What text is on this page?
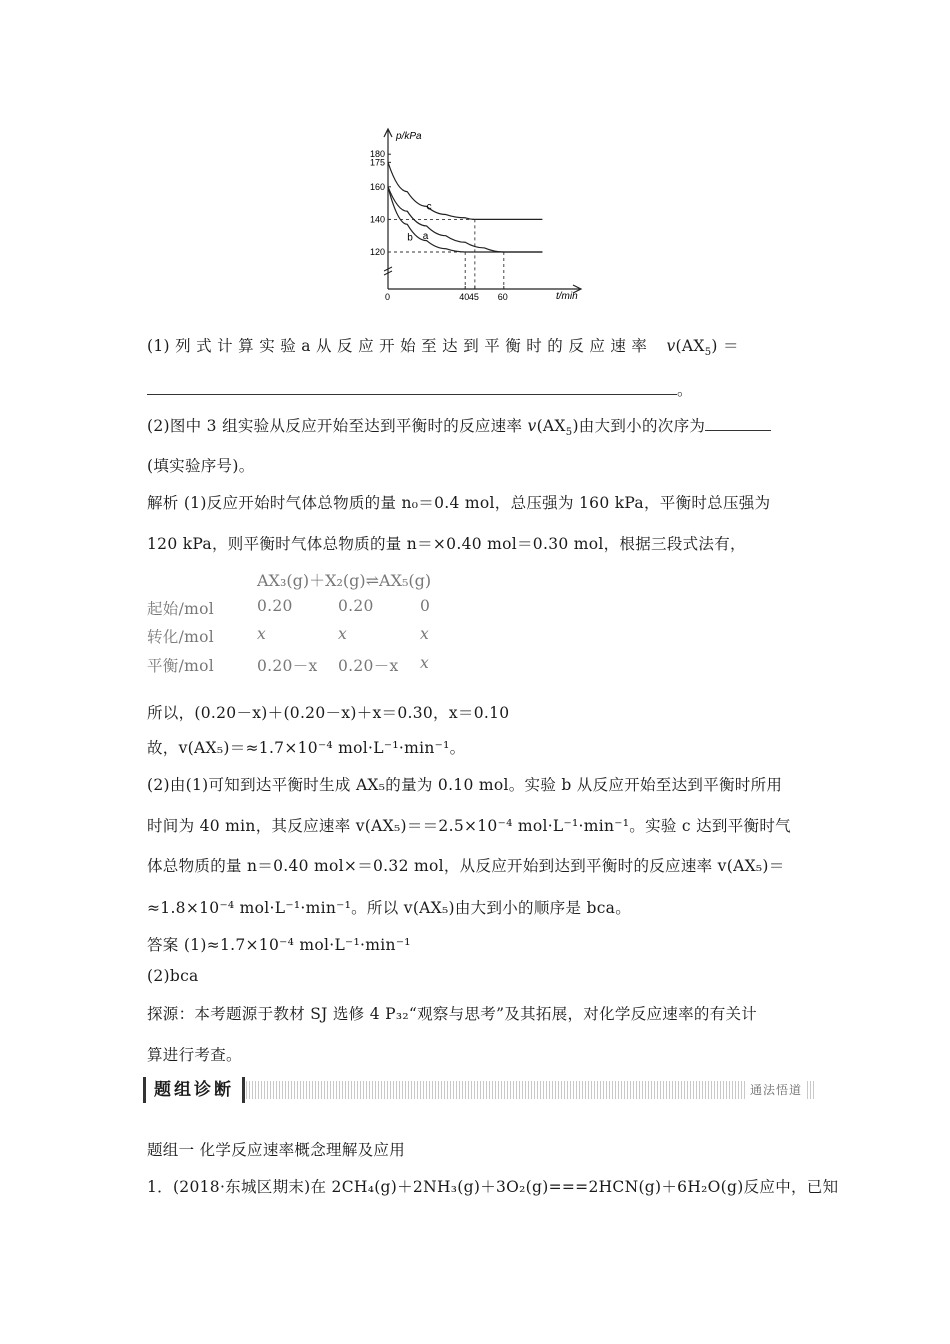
p/kPa
t/min
0
180
175
160
140
120
40 45 60
a
b
c
(1) 列 式 计 算 实 验 a 从 反 应 开 始 至 达 到 平 衡 时 的 反 应 速 率 $v(AX_5)$ ＝
。
(2)图中 3 组实验从反应开始至达到平衡时的反应速率 $v(AX_5)$由大到小的次序为
(填实验序号)。
解析 (1)反应开始时气体总物质的量 n₀＝0.4 mol，总压强为 160 kPa，平衡时总压强为
120 kPa，则平衡时气体总物质的量 n＝×0.40 mol＝0.30 mol，根据三段式法有，
AX₃(g)＋X₂(g)⇌AX₅(g)
起始/mol	0.20	0.20	0
转化/mol	x	x	x
平衡/mol	0.20－x 0.20－x x
所以，(0.20－x)＋(0.20－x)＋x＝0.30，x＝0.10
故，v(AX₅)＝≈1.7×10⁻⁴ mol·L⁻¹·min⁻¹。
(2)由(1)可知到达平衡时生成 AX₅的量为 0.10 mol。实验 b 从反应开始至达到平衡时所用
时间为 40 min，其反应速率 v(AX₅)＝＝2.5×10⁻⁴ mol·L⁻¹·min⁻¹。实验 c 达到平衡时气
体总物质的量 n＝0.40 mol×＝0.32 mol，从反应开始到达到平衡时的反应速率 v(AX₅)＝
≈1.8×10⁻⁴ mol·L⁻¹·min⁻¹。所以 v(AX₅)由大到小的顺序是 bca。
答案 (1)≈1.7×10⁻⁴ mol·L⁻¹·min⁻¹
(2)bca
探源：本考题源于教材 SJ 选修 4 P₃₂“观察与思考”及其拓展，对化学反应速率的有关计
算进行考查。
题组诊断	通法悟道
题组一 化学反应速率概念理解及应用
1．(2018·东城区期末)在 2CH₄(g)＋2NH₃(g)＋3O₂(g)===2HCN(g)＋6H₂O(g)反应中，已知
